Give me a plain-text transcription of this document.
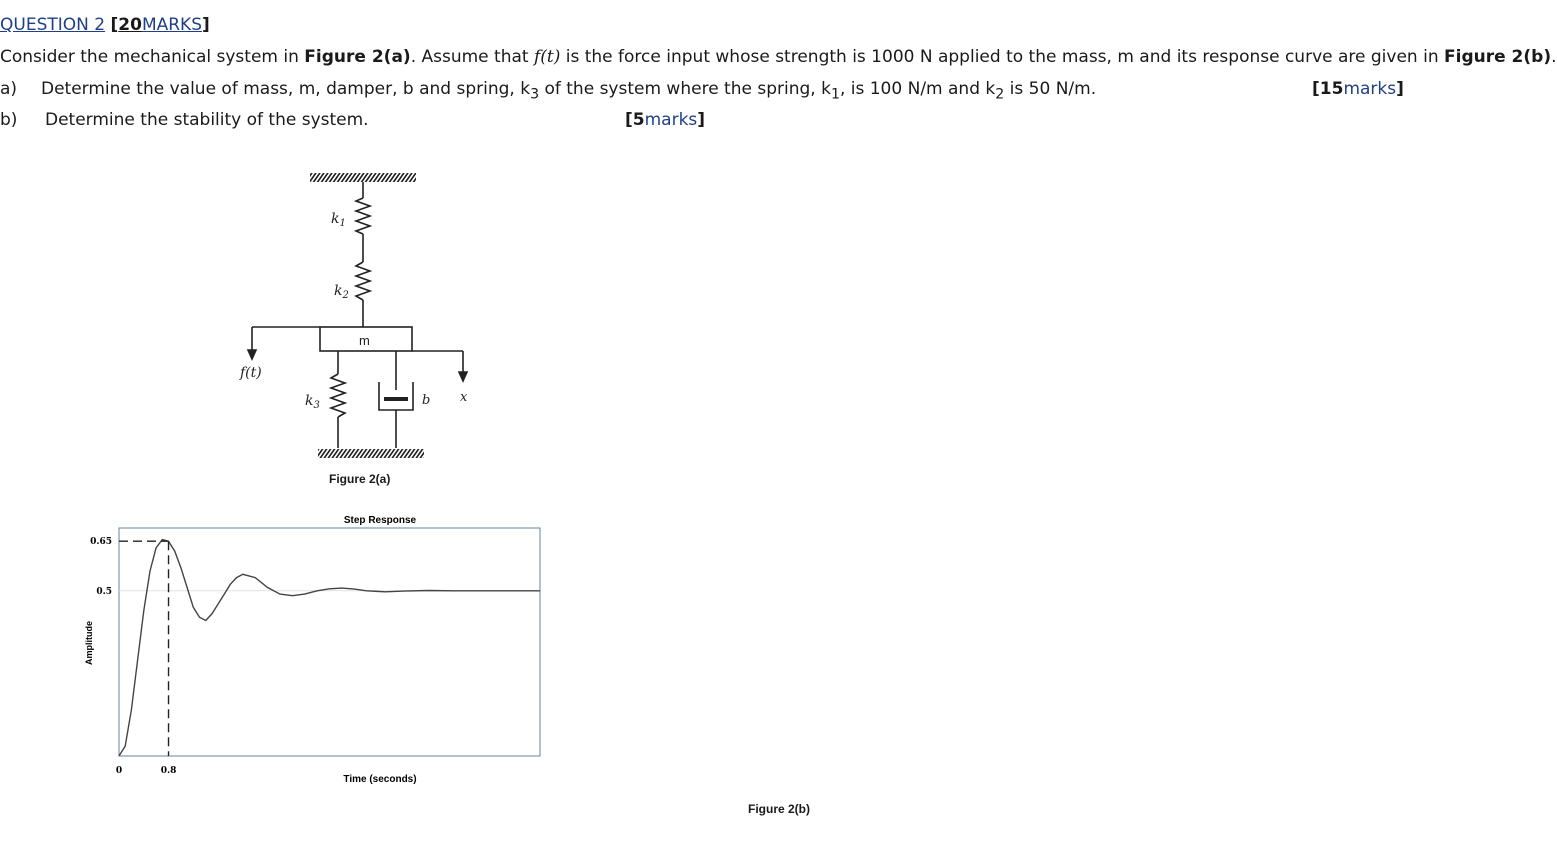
QUESTION 2 [20MARKS]
Consider the mechanical system in Figure 2(a). Assume that f(t) is the force input whose strength is 1000 N applied to the mass, m and its response curve are given in Figure 2(b).
a) Determine the value of mass, m, damper, b and spring, $k_3$ of the system where the spring, $k_1$, is 100 N/m and $k_2$ is 50 N/m.	[15marks]
b) Determine the stability of the system.	[5marks]
$k_1$
$k_2$
$k_3$
m
f(t)
b x
Figure 2(a)
0.65
0.5
0	0.8
Step Response
Time (seconds)
Amplitude
Figure 2(b)
